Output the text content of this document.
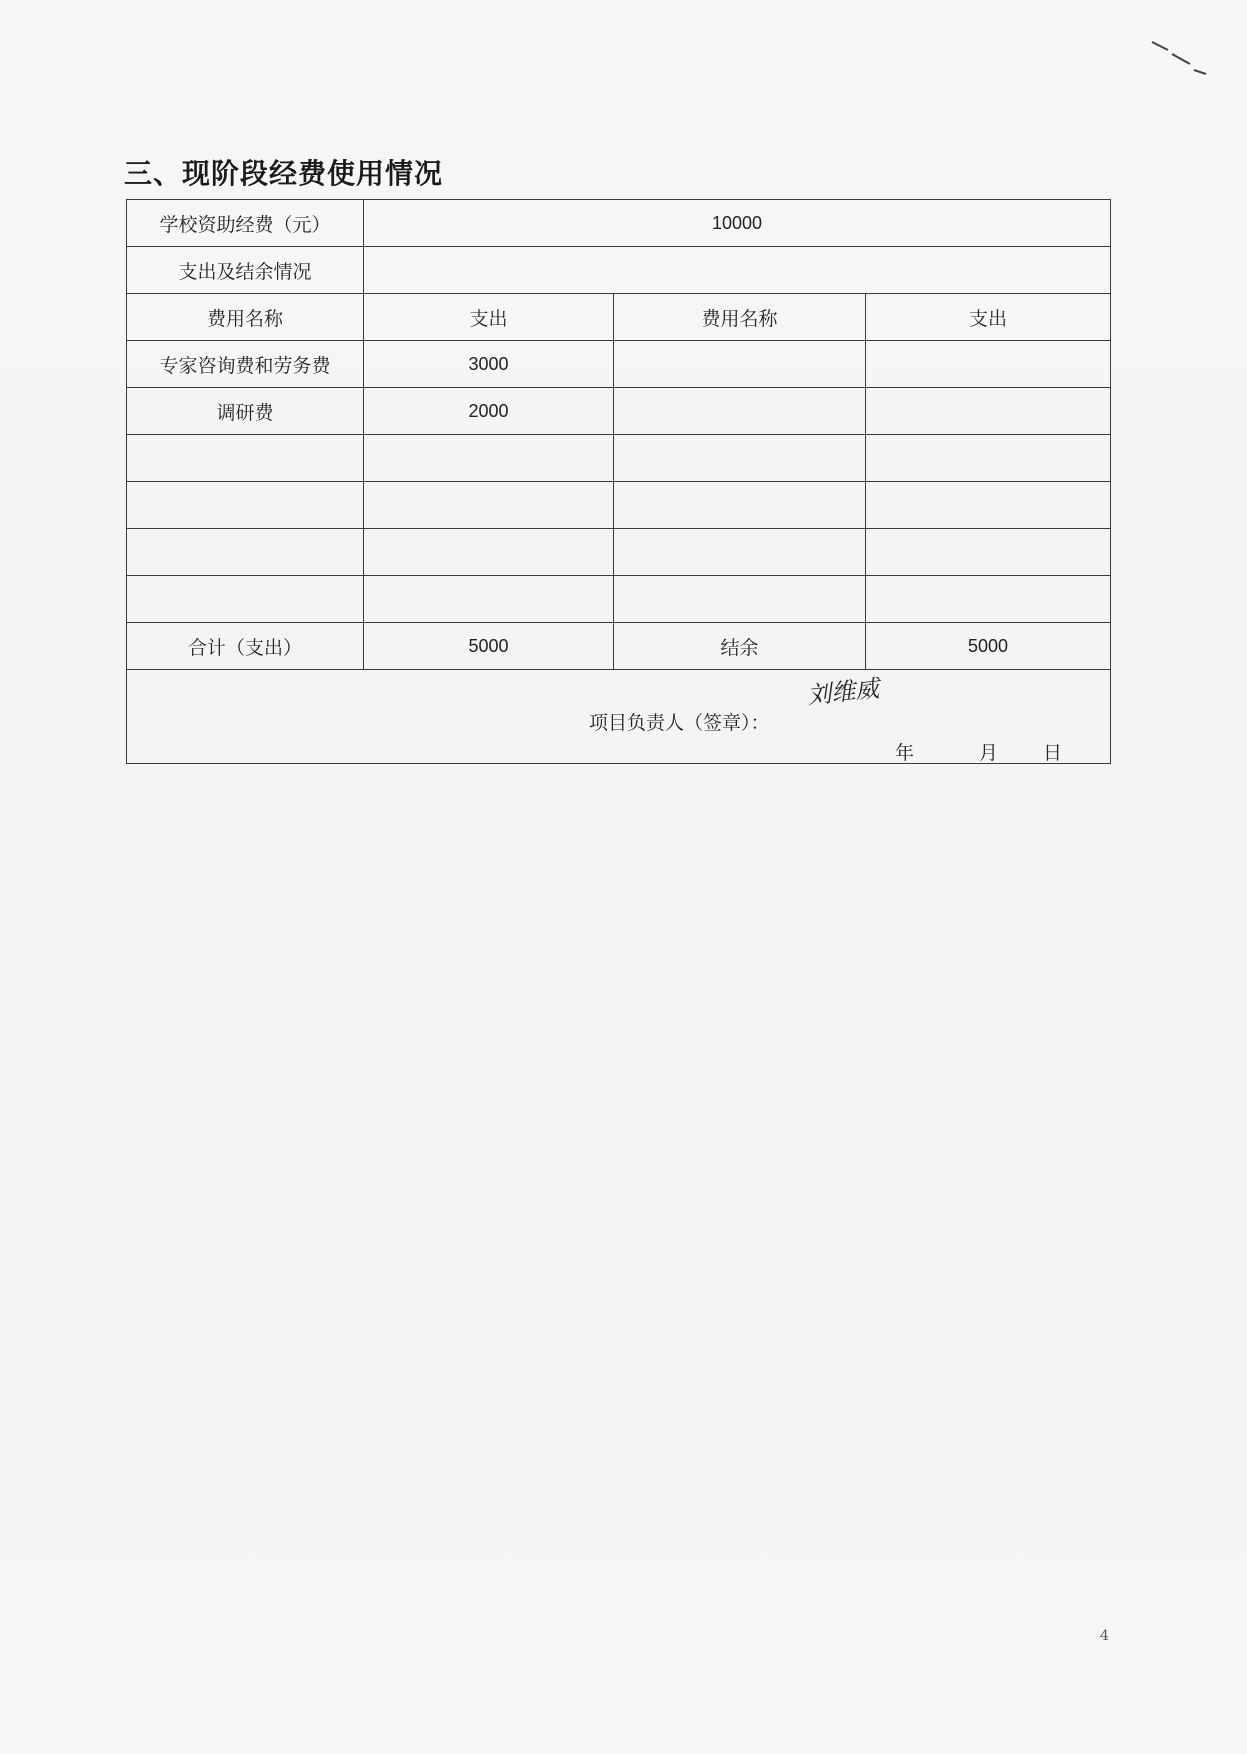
三、现阶段经费使用情况
学校资助经费（元）	10000		
支出及结余情况			
费用名称	支出	费用名称	支出
专家咨询费和劳务费	3000		
调研费	2000		

合计（支出）	5000	结余	5000

项目负责人（签章）：
刘维威
年 月 日			
4
